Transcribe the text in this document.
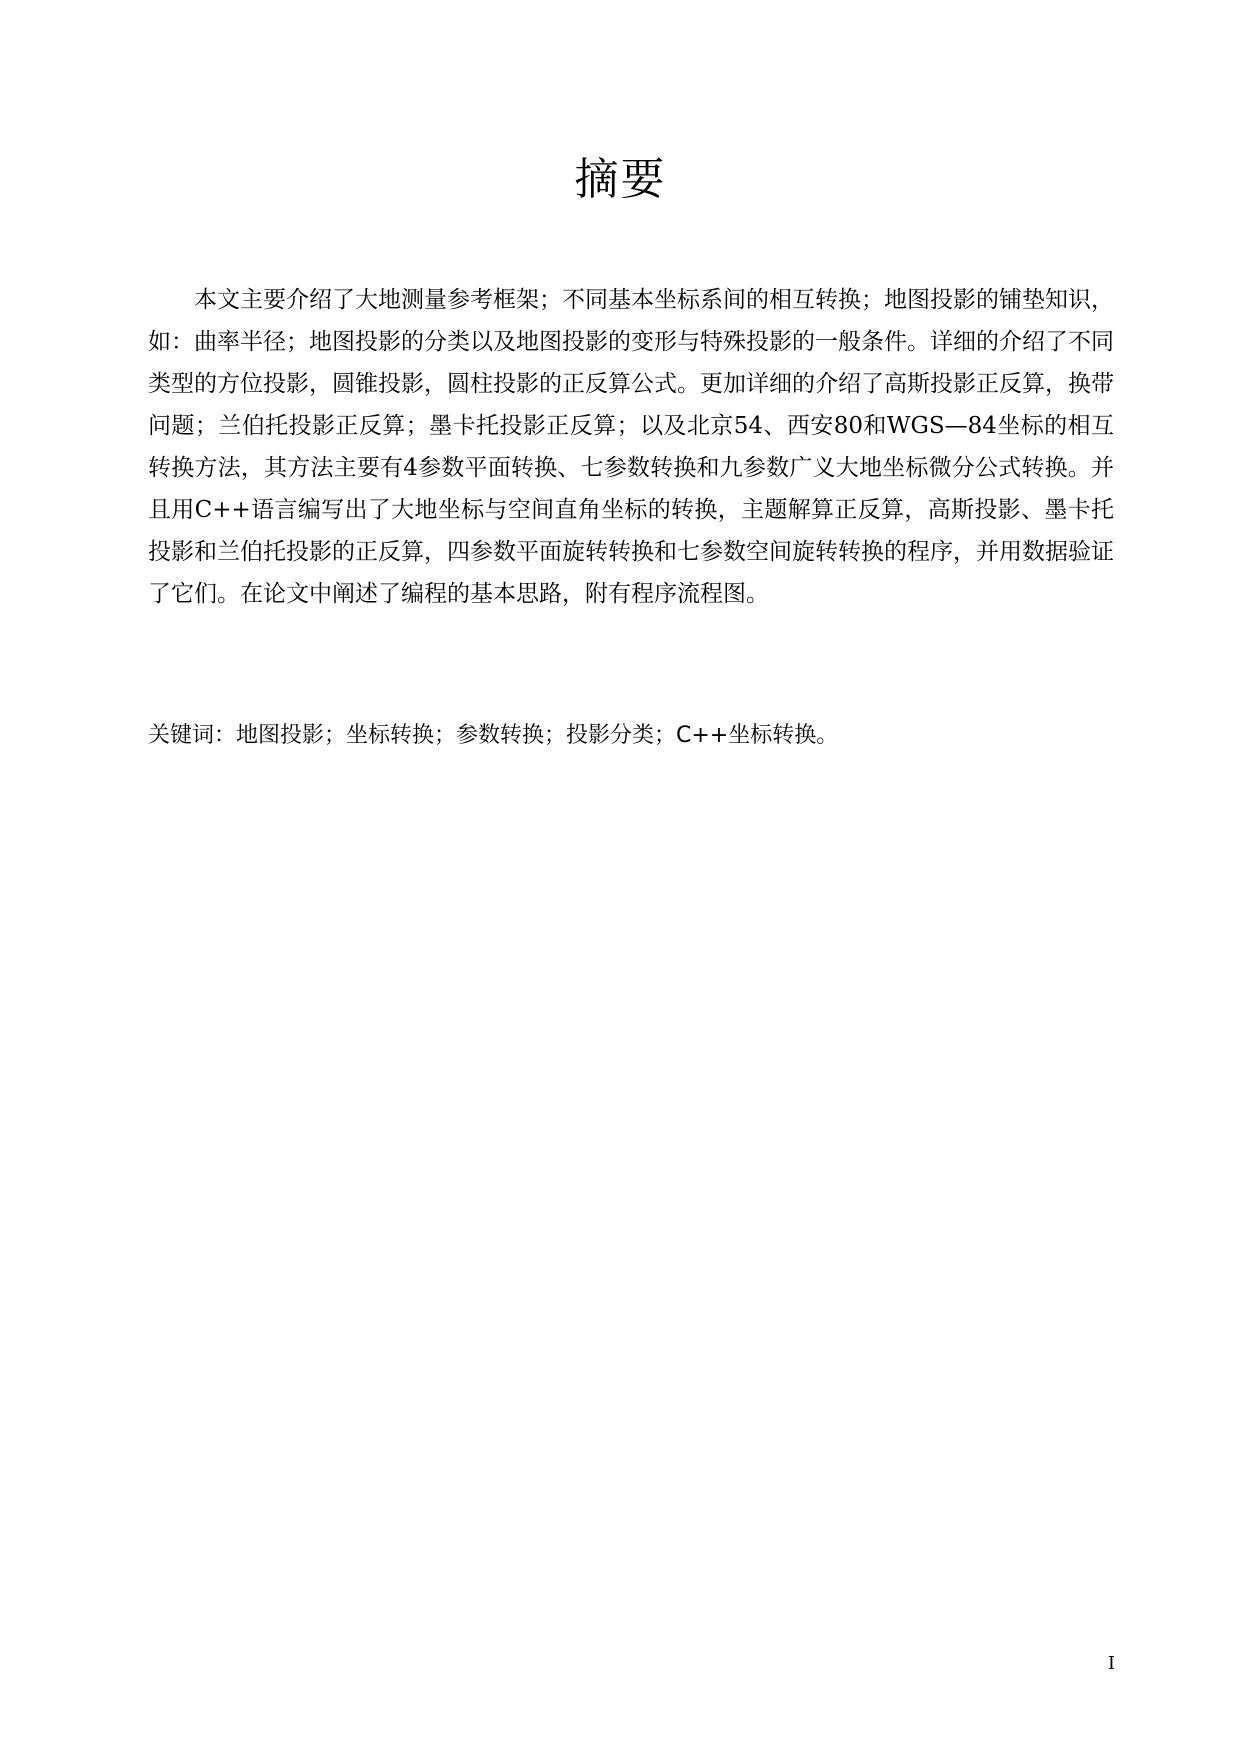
摘要

本文主要介绍了大地测量参考框架；不同基本坐标系间的相互转换；地图投影的铺垫知识，如：曲率半径；地图投影的分类以及地图投影的变形与特殊投影的一般条件。详细的介绍了不同类型的方位投影，圆锥投影，圆柱投影的正反算公式。更加详细的介绍了高斯投影正反算，换带问题；兰伯托投影正反算；墨卡托投影正反算；以及北京54、西安80和WGS—84坐标的相互转换方法，其方法主要有4参数平面转换、七参数转换和九参数广义大地坐标微分公式转换。并且用C++语言编写出了大地坐标与空间直角坐标的转换，主题解算正反算，高斯投影、墨卡托投影和兰伯托投影的正反算，四参数平面旋转转换和七参数空间旋转转换的程序，并用数据验证了它们。在论文中阐述了编程的基本思路，附有程序流程图。

关键词：地图投影；坐标转换；参数转换；投影分类；C++坐标转换。

I
